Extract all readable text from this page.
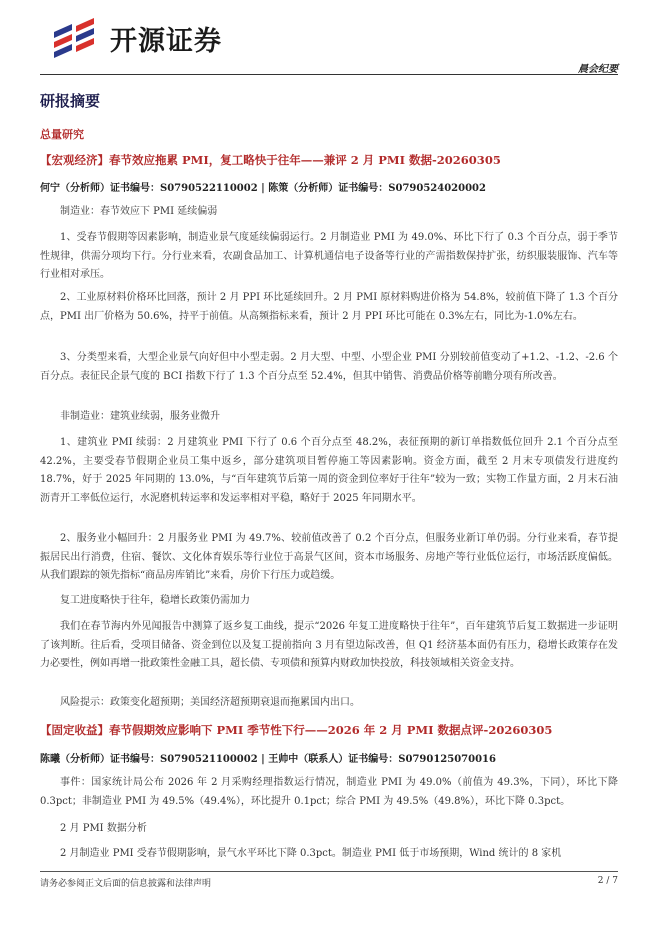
开源证券
晨会纪要
研报摘要
总量研究
【宏观经济】春节效应拖累 PMI，复工略快于往年——兼评 2 月 PMI 数据-20260305
何宁（分析师）证书编号：S0790522110002 | 陈策（分析师）证书编号：S0790524020002
制造业：春节效应下 PMI 延续偏弱
1、受春节假期等因素影响，制造业景气度延续偏弱运行。2 月制造业 PMI 为 49.0%、环比下行了 0.3 个百分点，弱于季节性规律，供需分项均下行。分行业来看，农副食品加工、计算机通信电子设备等行业的产需指数保持扩张，纺织服装服饰、汽车等行业相对承压。
2、工业原材料价格环比回落，预计 2 月 PPI 环比延续回升。2 月 PMI 原材料购进价格为 54.8%，较前值下降了 1.3 个百分点，PMI 出厂价格为 50.6%，持平于前值。从高频指标来看，预计 2 月 PPI 环比可能在 0.3%左右，同比为-1.0%左右。
3、分类型来看，大型企业景气向好但中小型走弱。2 月大型、中型、小型企业 PMI 分别较前值变动了+1.2、-1.2、-2.6 个百分点。表征民企景气度的 BCI 指数下行了 1.3 个百分点至 52.4%，但其中销售、消费品价格等前瞻分项有所改善。
非制造业：建筑业续弱，服务业微升
1、建筑业 PMI 续弱：2 月建筑业 PMI 下行了 0.6 个百分点至 48.2%，表征预期的新订单指数低位回升 2.1 个百分点至 42.2%，主要受春节假期企业员工集中返乡，部分建筑项目暂停施工等因素影响。资金方面，截至 2 月末专项债发行进度约 18.7%，好于 2025 年同期的 13.0%，与“百年建筑节后第一周的资金到位率好于往年”较为一致；实物工作量方面，2 月末石油沥青开工率低位运行，水泥磨机转运率和发运率相对平稳，略好于 2025 年同期水平。
2、服务业小幅回升：2 月服务业 PMI 为 49.7%、较前值改善了 0.2 个百分点，但服务业新订单仍弱。分行业来看，春节提振居民出行消费，住宿、餐饮、文化体育娱乐等行业位于高景气区间，资本市场服务、房地产等行业低位运行，市场活跃度偏低。从我们跟踪的领先指标“商品房库销比”来看，房价下行压力或趋缓。
复工进度略快于往年，稳增长政策仍需加力
我们在春节海内外见闻报告中测算了返乡复工曲线，提示“2026 年复工进度略快于往年”，百年建筑节后复工数据进一步证明了该判断。往后看，受项目储备、资金到位以及复工提前指向 3 月有望边际改善，但 Q1 经济基本面仍有压力，稳增长政策存在发力必要性，例如再增一批政策性金融工具，超长债、专项债和预算内财政加快投放，科技领域相关资金支持。
风险提示：政策变化超预期；美国经济超预期衰退而拖累国内出口。
【固定收益】春节假期效应影响下 PMI 季节性下行——2026 年 2 月 PMI 数据点评-20260305
陈曦（分析师）证书编号：S0790521100002 | 王帅中（联系人）证书编号：S0790125070016
事件：国家统计局公布 2026 年 2 月采购经理指数运行情况，制造业 PMI 为 49.0%（前值为 49.3%，下同），环比下降 0.3pct；非制造业 PMI 为 49.5%（49.4%），环比提升 0.1pct；综合 PMI 为 49.5%（49.8%），环比下降 0.3pct。
2 月 PMI 数据分析
2 月制造业 PMI 受春节假期影响，景气水平环比下降 0.3pct。制造业 PMI 低于市场预期，Wind 统计的 8 家机
请务必参阅正文后面的信息披露和法律声明	2 / 7
